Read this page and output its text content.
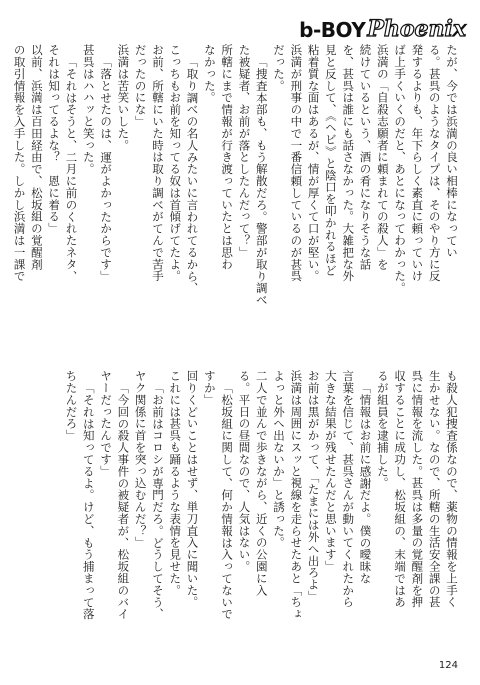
b-BOY Phoenix

たが、今では浜満の良い相棒になってい

る。甚呉のようなタイプは、そのやり方に反

発するよりも、年下らしく素直に頼っていけ

ば上手くいくのだと、あとになってわかった。

浜満の「自殺志願者に頼まれての殺人」を

続けているという、酒の肴になりそうな話

を、甚呉は誰にも話さなかった。大雑把な外

見と反して、《ヘビ》と陰口を叩かれるほど

粘着質な面はあるが、情が厚くて口が堅い。

浜満が刑事の中で一番信頼しているのが甚呉

だった。

「捜査本部も、もう解散だろ。警部が取り調べ

た被疑者、お前が落としたんだって？」

所轄にまで情報が行き渡っていたとは思わ

なかった。

「取り調べの名人みたいに言われてるから、

こっちもお前を知ってる奴は首傾げてたよ。

お前、所轄にいた時は取り調べがてんで苦手

だったのにな」

浜満は苦笑いした。

「落とせたのは、運がよかったからです」

甚呉はハハッと笑った。

「それはそうと、二月に前のくれたネタ、

それは知ってるよな？　恩に着る」

以前、浜満は百田経由で、松坂組の覚醒剤

の取引情報を入手した。しかし浜満は一課で

も殺人犯捜査係なので、薬物の情報を上手く

生かせない。なので、所轄の生活安全課の甚

呉に情報を流した。甚呉は多量の覚醒剤を押

収することに成功し、松坂組の、末端ではあ

るが組員を逮捕した。

「情報はお前に感謝だよ。僕の曖昧な

言葉を信じて、甚呉さんが動いてくれたから

大きな結果が残せたんだと思います」

お前は黒がかって、「たまには外へ出ろよ」

浜満は周囲にスッと視線を走らせたあと「ちょ

よっと外へ出ないか」と誘った。

二人で並んで歩きながら、近くの公園に入

る。平日の昼間なので、人気はない。

「松坂組に関して、何か情報は入ってないで

すか」

回りくどいことはせず、単刀直入に聞いた。

これには甚呉も踊るような表情を見せた。

「お前はコロシが専門だろ。どうしてそう、

ヤク関係に首を突っ込むんだ？」

「今回の殺人事件の被疑者が、松坂組のバイ

ヤーだったんです」

「それは知ってるよ。けど、もう捕まって落

ちたんだろ」

124
